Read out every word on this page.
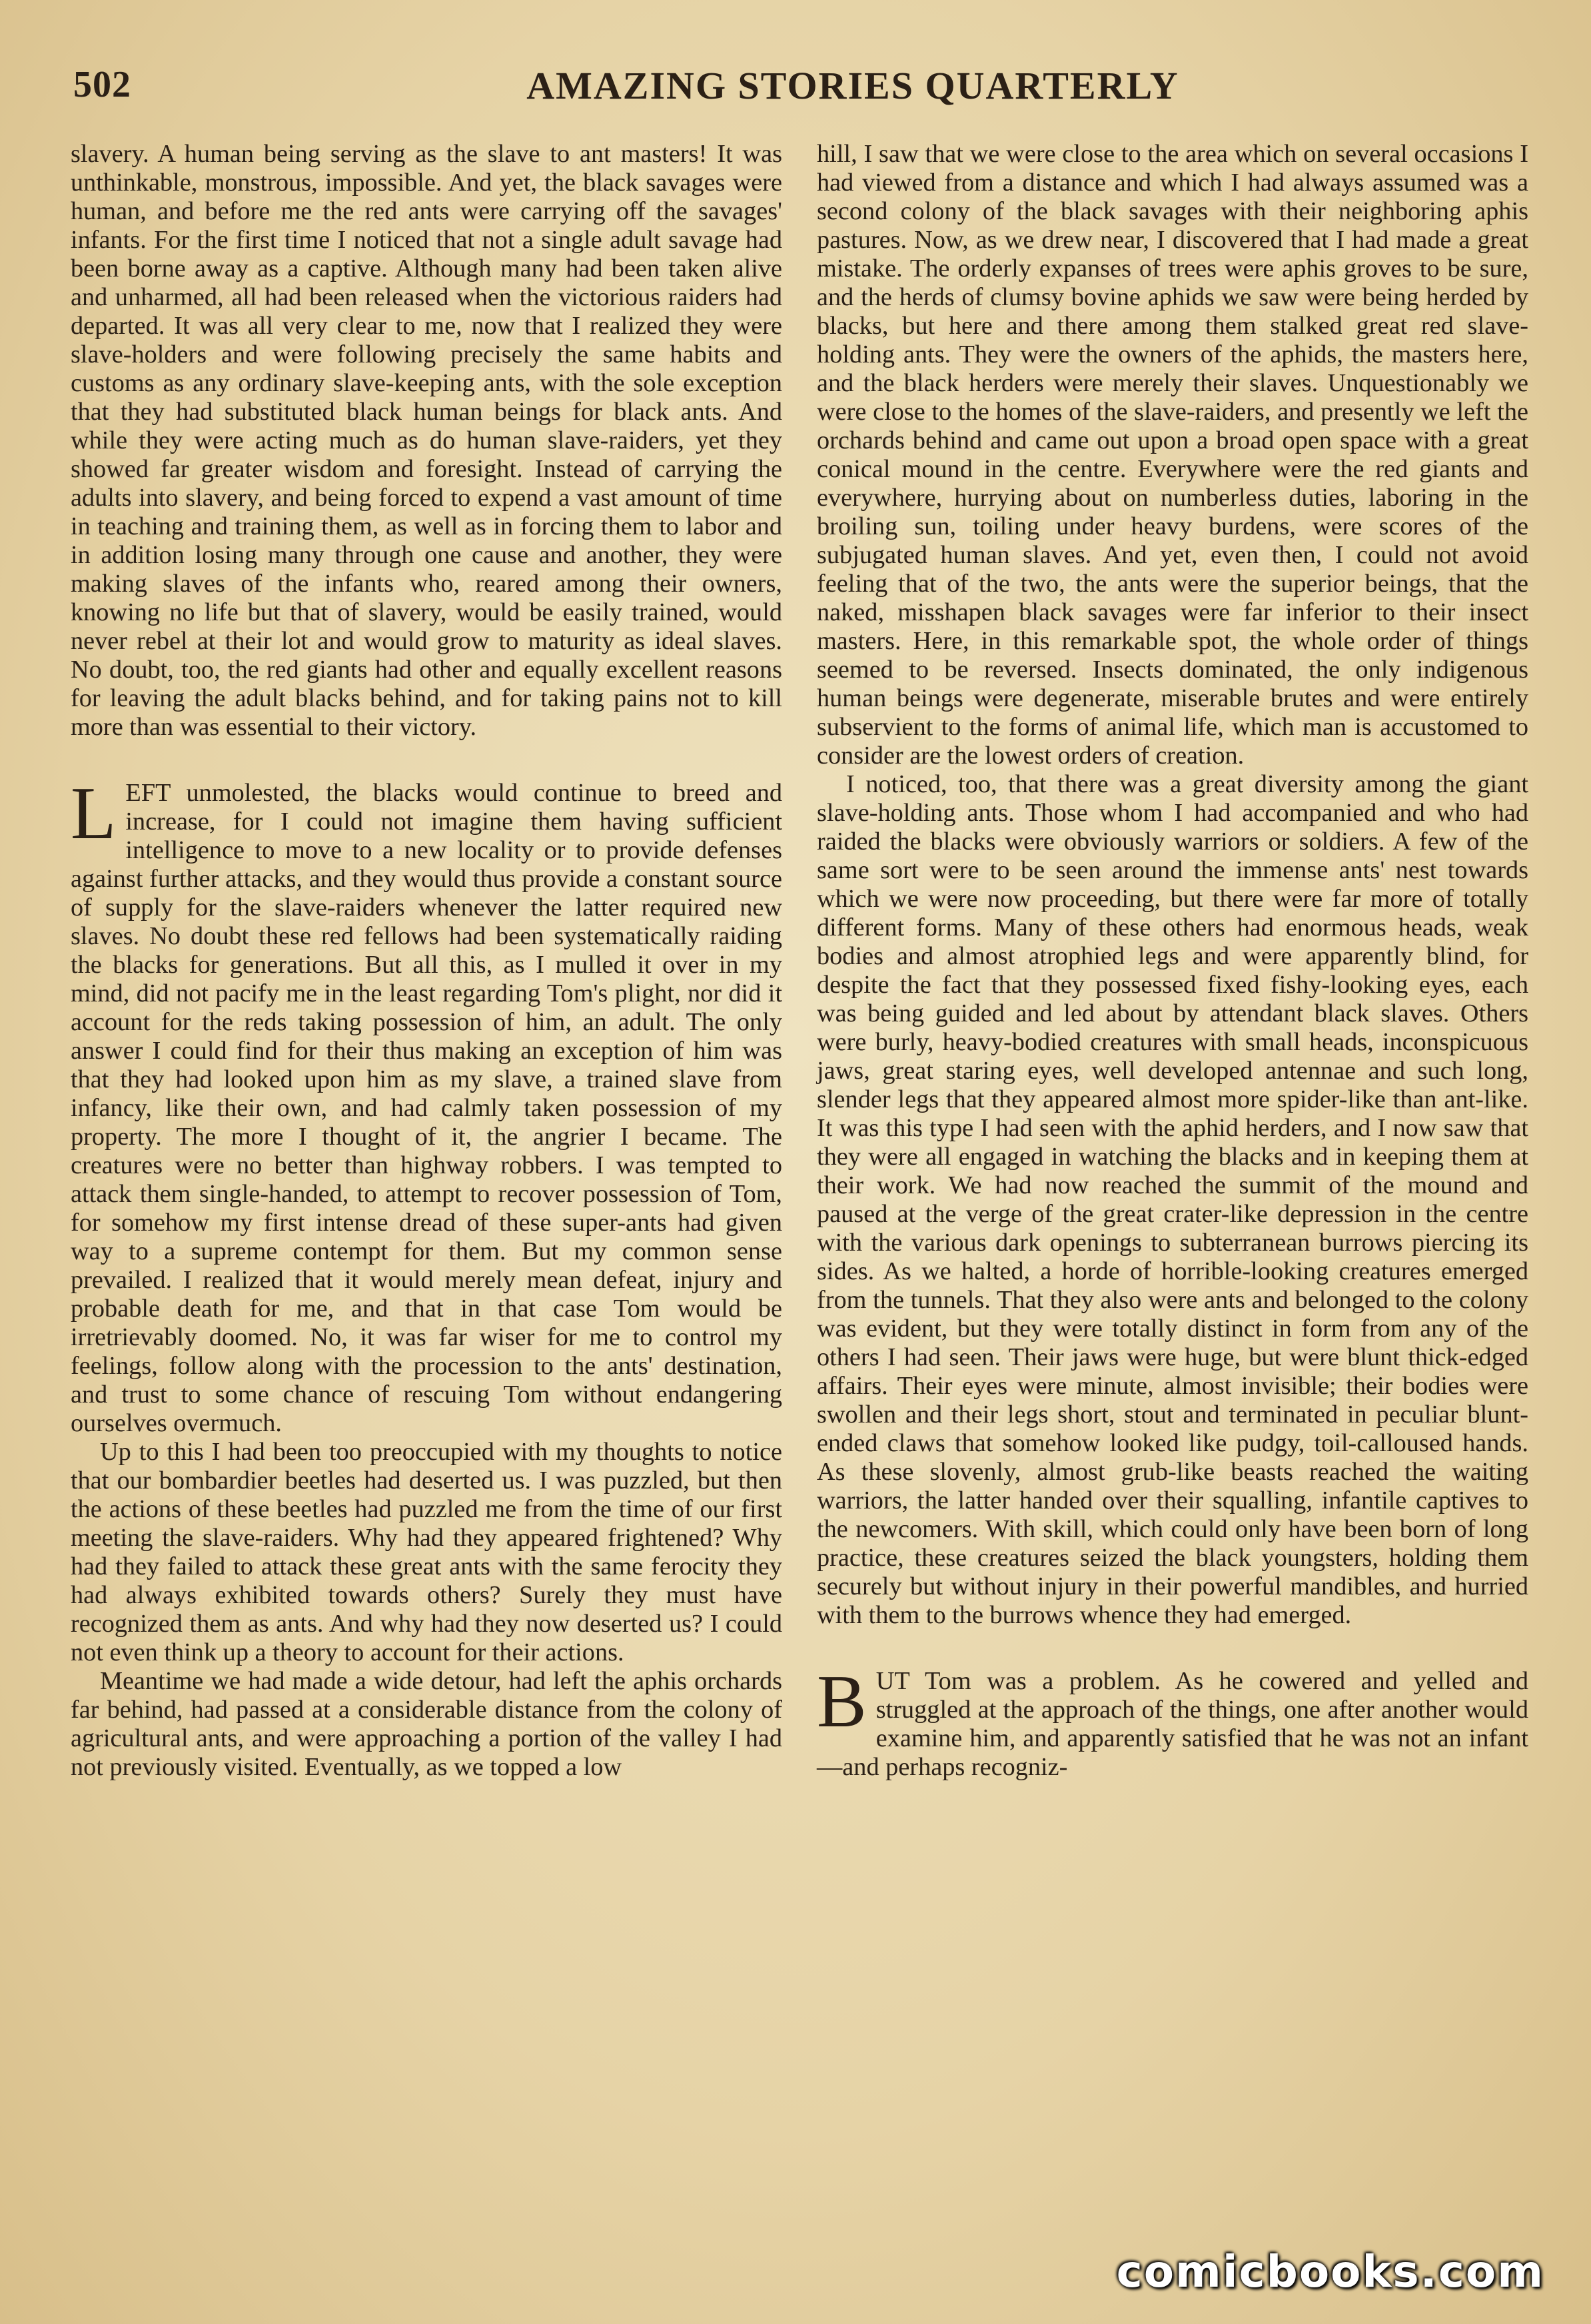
502	AMAZING STORIES QUARTERLY

slavery. A human being serving as the slave to ant masters! It was unthinkable, monstrous, impossible. And yet, the black savages were human, and before me the red ants were carrying off the savages' infants. For the first time I noticed that not a single adult savage had been borne away as a captive. Although many had been taken alive and unharmed, all had been released when the victorious raiders had departed. It was all very clear to me, now that I realized they were slave-holders and were following precisely the same habits and customs as any ordinary slave-keeping ants, with the sole exception that they had substituted black human beings for black ants. And while they were acting much as do human slave-raiders, yet they showed far greater wisdom and foresight. Instead of carrying the adults into slavery, and being forced to expend a vast amount of time in teaching and training them, as well as in forcing them to labor and in addition losing many through one cause and another, they were making slaves of the infants who, reared among their owners, knowing no life but that of slavery, would be easily trained, would never rebel at their lot and would grow to maturity as ideal slaves. No doubt, too, the red giants had other and equally excellent reasons for leaving the adult blacks behind, and for taking pains not to kill more than was essential to their victory.

LEFT unmolested, the blacks would continue to breed and increase, for I could not imagine them having sufficient intelligence to move to a new locality or to provide defenses against further attacks, and they would thus provide a constant source of supply for the slave-raiders whenever the latter required new slaves. No doubt these red fellows had been systematically raiding the blacks for generations. But all this, as I mulled it over in my mind, did not pacify me in the least regarding Tom's plight, nor did it account for the reds taking possession of him, an adult. The only answer I could find for their thus making an exception of him was that they had looked upon him as my slave, a trained slave from infancy, like their own, and had calmly taken possession of my property. The more I thought of it, the angrier I became. The creatures were no better than highway robbers. I was tempted to attack them single-handed, to attempt to recover possession of Tom, for somehow my first intense dread of these super-ants had given way to a supreme contempt for them. But my common sense prevailed. I realized that it would merely mean defeat, injury and probable death for me, and that in that case Tom would be irretrievably doomed. No, it was far wiser for me to control my feelings, follow along with the procession to the ants' destination, and trust to some chance of rescuing Tom without endangering ourselves overmuch.

Up to this I had been too preoccupied with my thoughts to notice that our bombardier beetles had deserted us. I was puzzled, but then the actions of these beetles had puzzled me from the time of our first meeting the slave-raiders. Why had they appeared frightened? Why had they failed to attack these great ants with the same ferocity they had always exhibited towards others? Surely they must have recognized them as ants. And why had they now deserted us? I could not even think up a theory to account for their actions.

Meantime we had made a wide detour, had left the aphis orchards far behind, had passed at a considerable distance from the colony of agricultural ants, and were approaching a portion of the valley I had not previously visited. Eventually, as we topped a low

hill, I saw that we were close to the area which on several occasions I had viewed from a distance and which I had always assumed was a second colony of the black savages with their neighboring aphis pastures. Now, as we drew near, I discovered that I had made a great mistake. The orderly expanses of trees were aphis groves to be sure, and the herds of clumsy bovine aphids we saw were being herded by blacks, but here and there among them stalked great red slave-holding ants. They were the owners of the aphids, the masters here, and the black herders were merely their slaves. Unquestionably we were close to the homes of the slave-raiders, and presently we left the orchards behind and came out upon a broad open space with a great conical mound in the centre. Everywhere were the red giants and everywhere, hurrying about on numberless duties, laboring in the broiling sun, toiling under heavy burdens, were scores of the subjugated human slaves. And yet, even then, I could not avoid feeling that of the two, the ants were the superior beings, that the naked, misshapen black savages were far inferior to their insect masters. Here, in this remarkable spot, the whole order of things seemed to be reversed. Insects dominated, the only indigenous human beings were degenerate, miserable brutes and were entirely subservient to the forms of animal life, which man is accustomed to consider are the lowest orders of creation.

I noticed, too, that there was a great diversity among the giant slave-holding ants. Those whom I had accompanied and who had raided the blacks were obviously warriors or soldiers. A few of the same sort were to be seen around the immense ants' nest towards which we were now proceeding, but there were far more of totally different forms. Many of these others had enormous heads, weak bodies and almost atrophied legs and were apparently blind, for despite the fact that they possessed fixed fishy-looking eyes, each was being guided and led about by attendant black slaves. Others were burly, heavy-bodied creatures with small heads, inconspicuous jaws, great staring eyes, well developed antennae and such long, slender legs that they appeared almost more spider-like than ant-like. It was this type I had seen with the aphid herders, and I now saw that they were all engaged in watching the blacks and in keeping them at their work. We had now reached the summit of the mound and paused at the verge of the great crater-like depression in the centre with the various dark openings to subterranean burrows piercing its sides. As we halted, a horde of horrible-looking creatures emerged from the tunnels. That they also were ants and belonged to the colony was evident, but they were totally distinct in form from any of the others I had seen. Their jaws were huge, but were blunt thick-edged affairs. Their eyes were minute, almost invisible; their bodies were swollen and their legs short, stout and terminated in peculiar blunt-ended claws that somehow looked like pudgy, toil-calloused hands. As these slovenly, almost grub-like beasts reached the waiting warriors, the latter handed over their squalling, infantile captives to the newcomers. With skill, which could only have been born of long practice, these creatures seized the black youngsters, holding them securely but without injury in their powerful mandibles, and hurried with them to the burrows whence they had emerged.

BUT Tom was a problem. As he cowered and yelled and struggled at the approach of the things, one after another would examine him, and apparently satisfied that he was not an infant—and perhaps recogniz-

comicbooks.com
